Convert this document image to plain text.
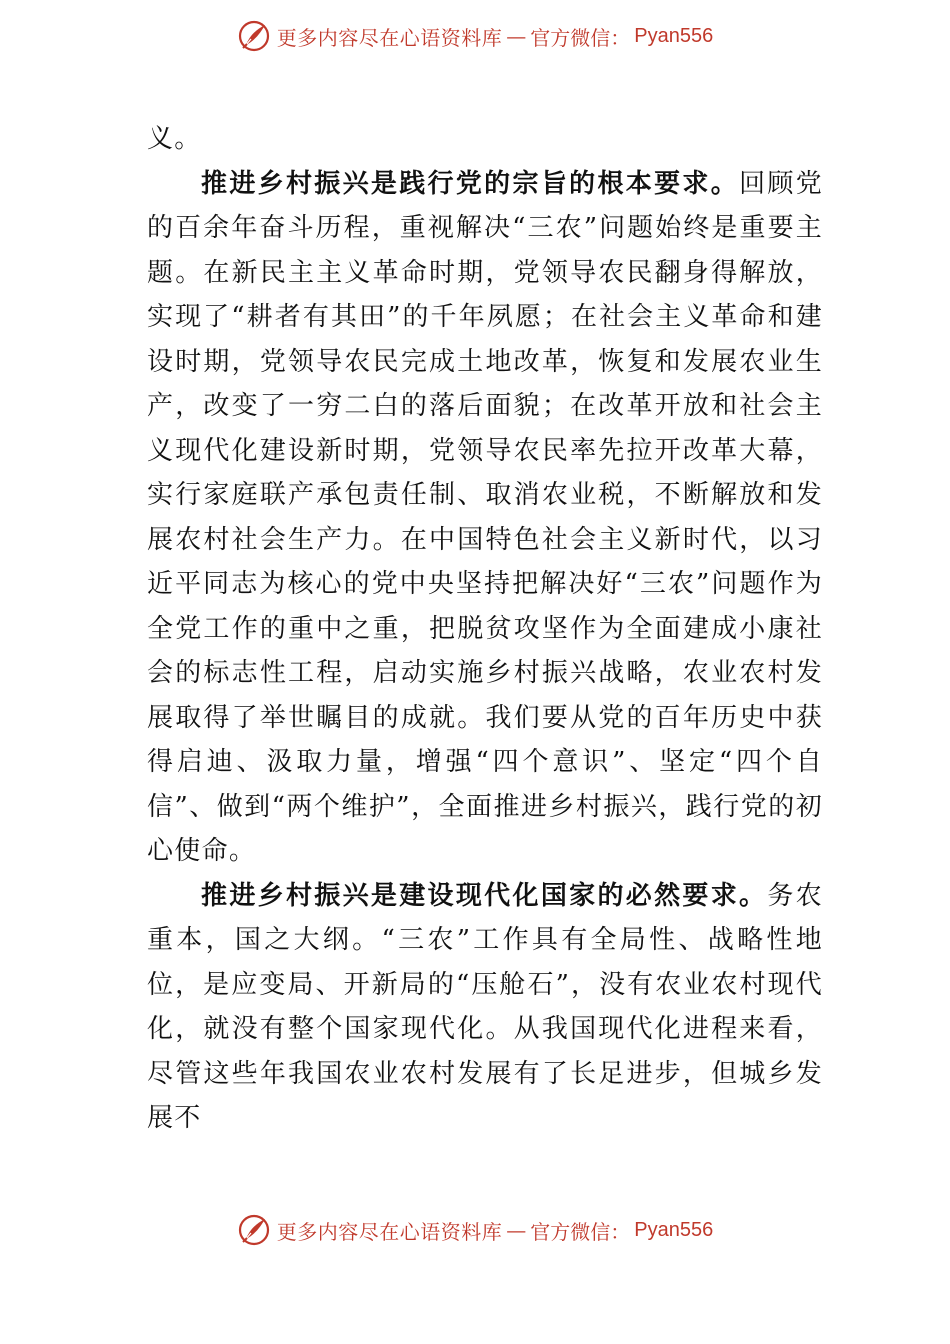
更多内容尽在心语资料库 — 官方微信： Pyan556

义。

推进乡村振兴是践行党的宗旨的根本要求。回顾党的百余年奋斗历程，重视解决“三农”问题始终是重要主题。在新民主主义革命时期，党领导农民翻身得解放，实现了“耕者有其田”的千年夙愿；在社会主义革命和建设时期，党领导农民完成土地改革，恢复和发展农业生产，改变了一穷二白的落后面貌；在改革开放和社会主义现代化建设新时期，党领导农民率先拉开改革大幕，实行家庭联产承包责任制、取消农业税，不断解放和发展农村社会生产力。在中国特色社会主义新时代，以习近平同志为核心的党中央坚持把解决好“三农”问题作为全党工作的重中之重，把脱贫攻坚作为全面建成小康社会的标志性工程，启动实施乡村振兴战略，农业农村发展取得了举世瞩目的成就。我们要从党的百年历史中获得启迪、汲取力量，增强“四个意识”、坚定“四个自信”、做到“两个维护”，全面推进乡村振兴，践行党的初心使命。

推进乡村振兴是建设现代化国家的必然要求。务农重本，国之大纲。“三农”工作具有全局性、战略性地位，是应变局、开新局的“压舱石”，没有农业农村现代化，就没有整个国家现代化。从我国现代化进程来看，尽管这些年我国农业农村发展有了长足进步，但城乡发展不

更多内容尽在心语资料库 — 官方微信： Pyan556
